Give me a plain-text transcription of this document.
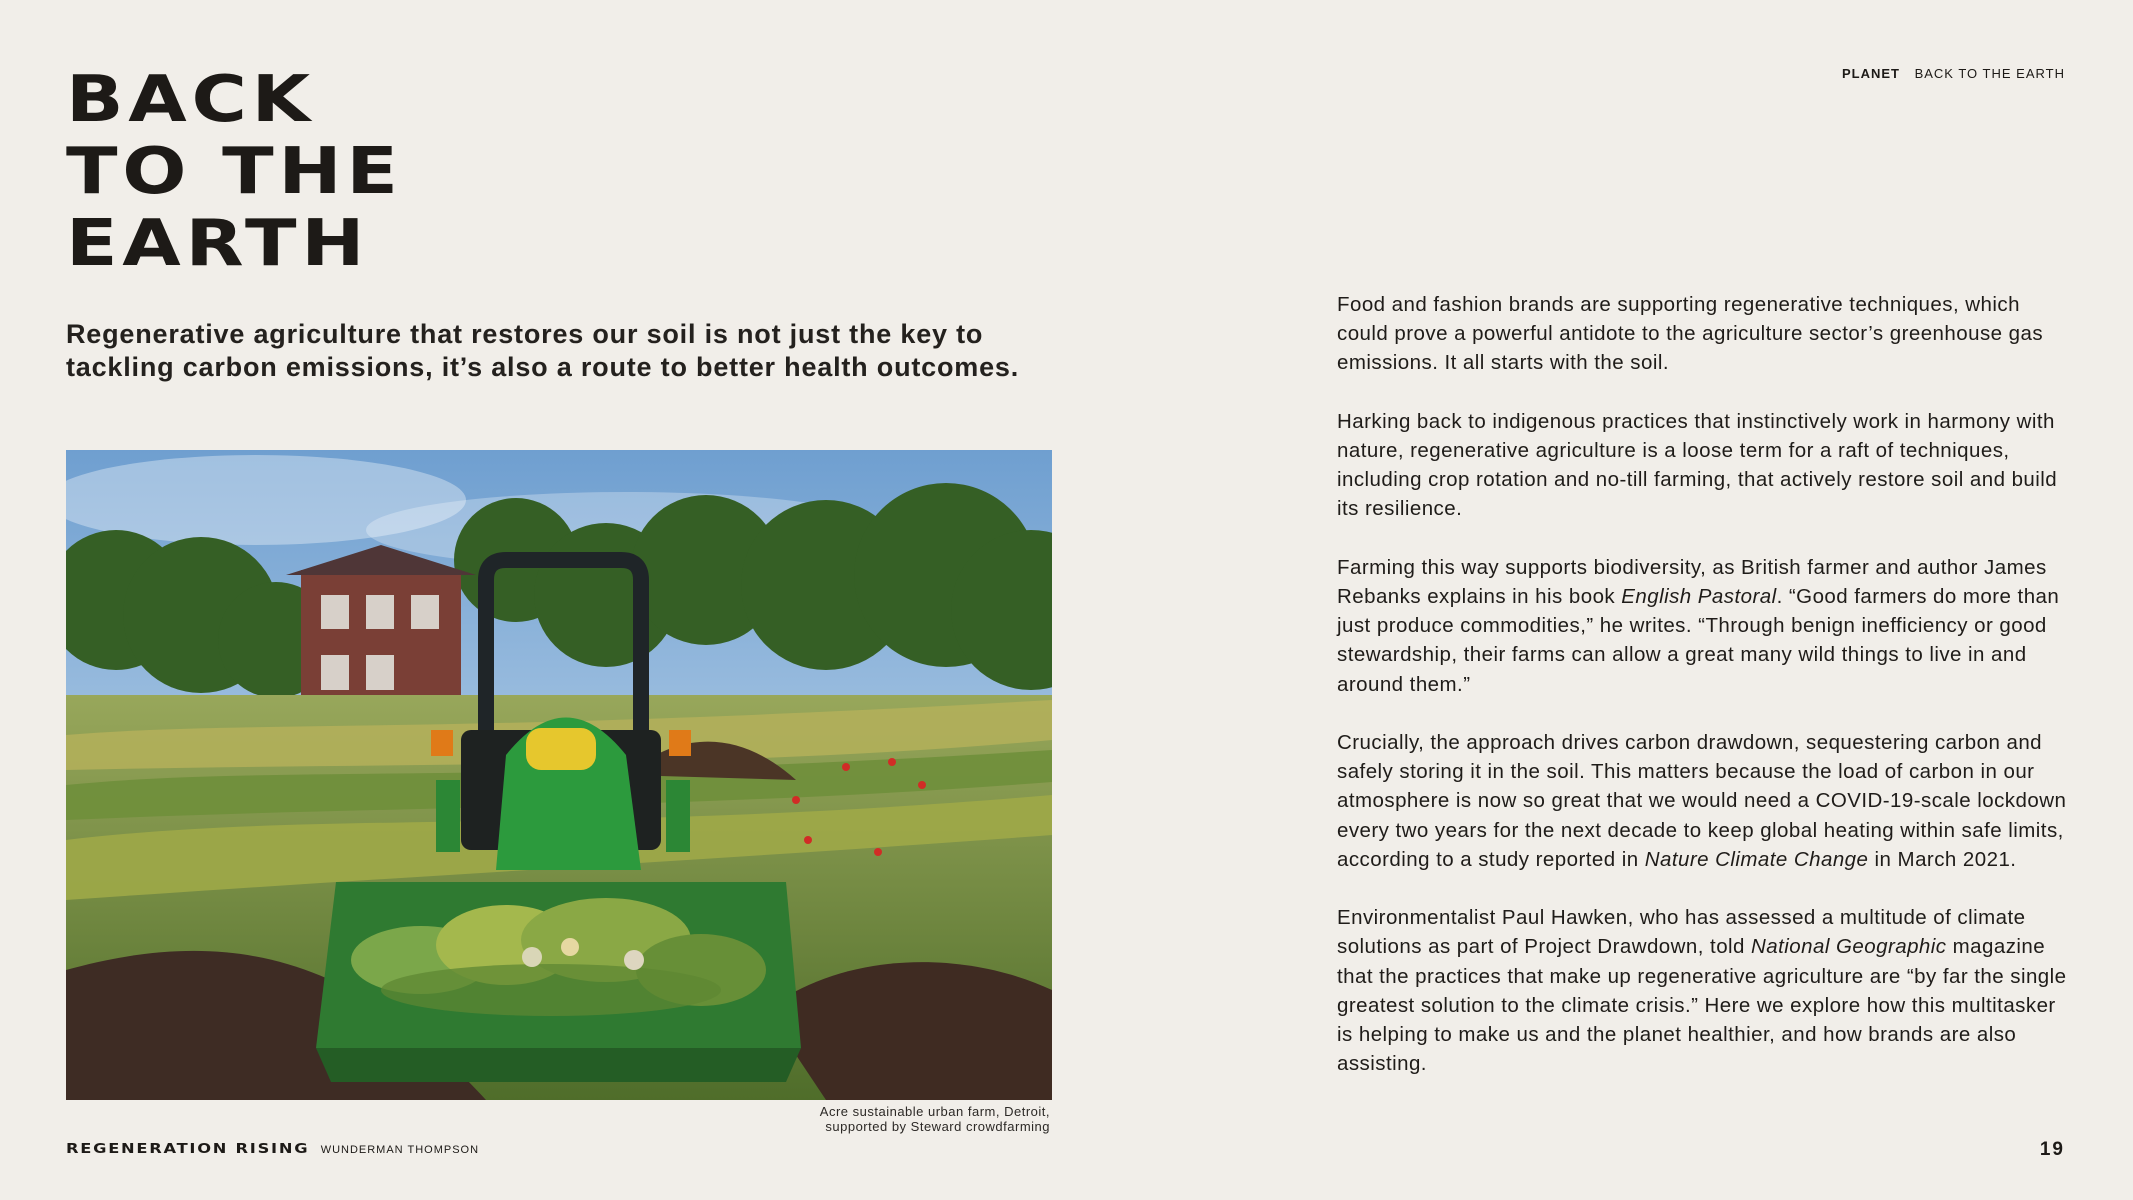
BACK
TO THE
EARTH
PLANET BACK TO THE EARTH

Regenerative agriculture that restores our soil is not just the key to tackling carbon emissions, it’s also a route to better health outcomes.

Acre sustainable urban farm, Detroit,
supported by Steward crowdfarming

Food and fashion brands are supporting regenerative techniques, which could prove a powerful antidote to the agriculture sector’s greenhouse gas emissions. It all starts with the soil.

Harking back to indigenous practices that instinctively work in harmony with nature, regenerative agriculture is a loose term for a raft of techniques, including crop rotation and no-till farming, that actively restore soil and build its resilience.

Farming this way supports biodiversity, as British farmer and author James Rebanks explains in his book English Pastoral. “Good farmers do more than just produce commodities,” he writes. “Through benign inefficiency or good stewardship, their farms can allow a great many wild things to live in and around them.”

Crucially, the approach drives carbon drawdown, sequestering carbon and safely storing it in the soil. This matters because the load of carbon in our atmosphere is now so great that we would need a COVID-19-scale lockdown every two years for the next decade to keep global heating within safe limits, according to a study reported in Nature Climate Change in March 2021.

Environmentalist Paul Hawken, who has assessed a multitude of climate solutions as part of Project Drawdown, told National Geographic magazine that the practices that make up regenerative agriculture are “by far the single greatest solution to the climate crisis.” Here we explore how this multitasker is helping to make us and the planet healthier, and how brands are also assisting.

REGENERATION RISING WUNDERMAN THOMPSON	19
